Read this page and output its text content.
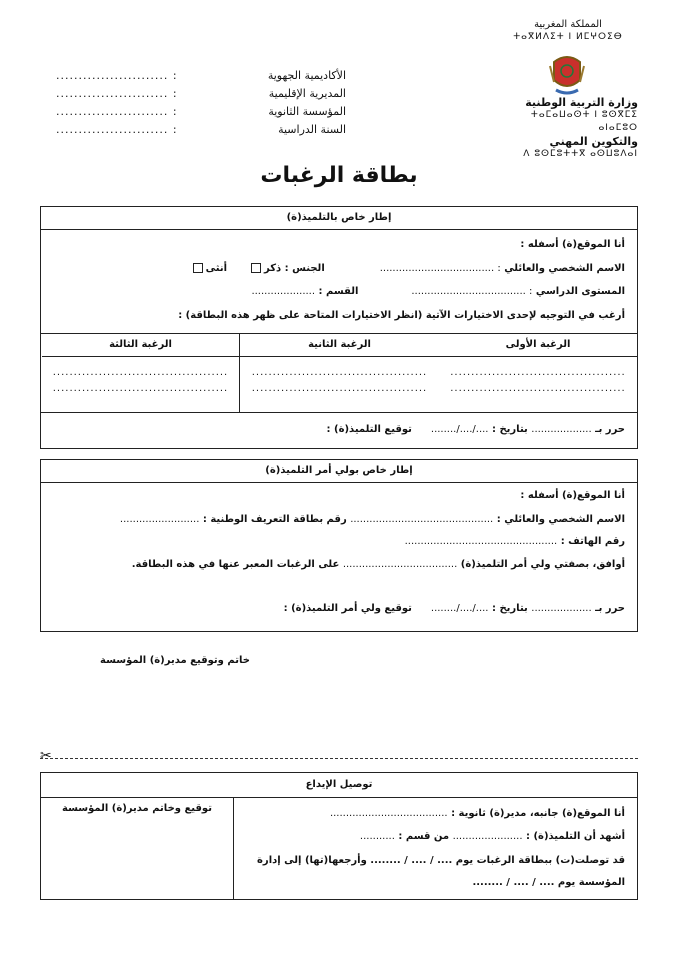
المملكة المغربية
ⵜⴰⴳⵍⴷⵉⵜ ⵏ ⵍⵎⵖⵔⵉⴱ
وزارة التربية الوطنية
ⵜⴰⵎⴰⵡⴰⵙⵜ ⵏ ⵓⵙⴳⵎⵉ ⴰⵏⴰⵎⵓⵔ
والتكوين المهني
ⴷ ⵓⵙⵎⵓⵜⵜⴳ ⴰⵙⵡⵓⴷⴰⵏ
الأكاديمية الجهوية
......................... :
المديرية الإقليمية
......................... :
المؤسسة الثانوية
......................... :
السنة الدراسية
......................... :
بطاقة الرغبات
إطار خاص بالتلميذ(ة)
أنا الموقع(ة) أسفله :
الاسم الشخصي والعائلي : ....................................  الجنس : ذكر  أنثى
المستوى الدراسي : ....................................  القسم : ....................
أرغب في التوجيه لإحدى الاختيارات الآتية (انظر الاختيارات المتاحة على ظهر هذه البطاقة) :
الرغبة الأولى
..........................................
..........................................
الرغبة الثانية
..........................................
..........................................
الرغبة الثالثة
..........................................
..........................................
حرر بـ ................... بتاريخ : ..../..../........  توقيع التلميذ(ة) :
إطار خاص بولي أمر التلميذ(ة)
أنا الموقع(ة) أسفله :
الاسم الشخصي والعائلي : ............................................. رقم بطاقة التعريف الوطنية : .........................
رقم الهاتف : ................................................
أوافق، بصفتي ولي أمر التلميذ(ة) .................................... على الرغبات المعبر عنها في هذه البطاقة.
حرر بـ ................... بتاريخ : ..../..../........  توقيع ولي أمر التلميذ(ة) :
خاتم وتوقيع مدير(ة) المؤسسة
✂
توصيل الإيداع
توقيع وخاتم مدير(ة) المؤسسة	أنا الموقع(ة) جانبه، مدير(ة) ثانوية : .....................................
أشهد أن التلميذ(ة) : ...................... من قسم : ...........
قد توصلت(ت) ببطاقة الرغبات يوم .... / .... / ........ وأرجعها(تها) إلى إدارة
المؤسسة يوم .... / .... / ........
